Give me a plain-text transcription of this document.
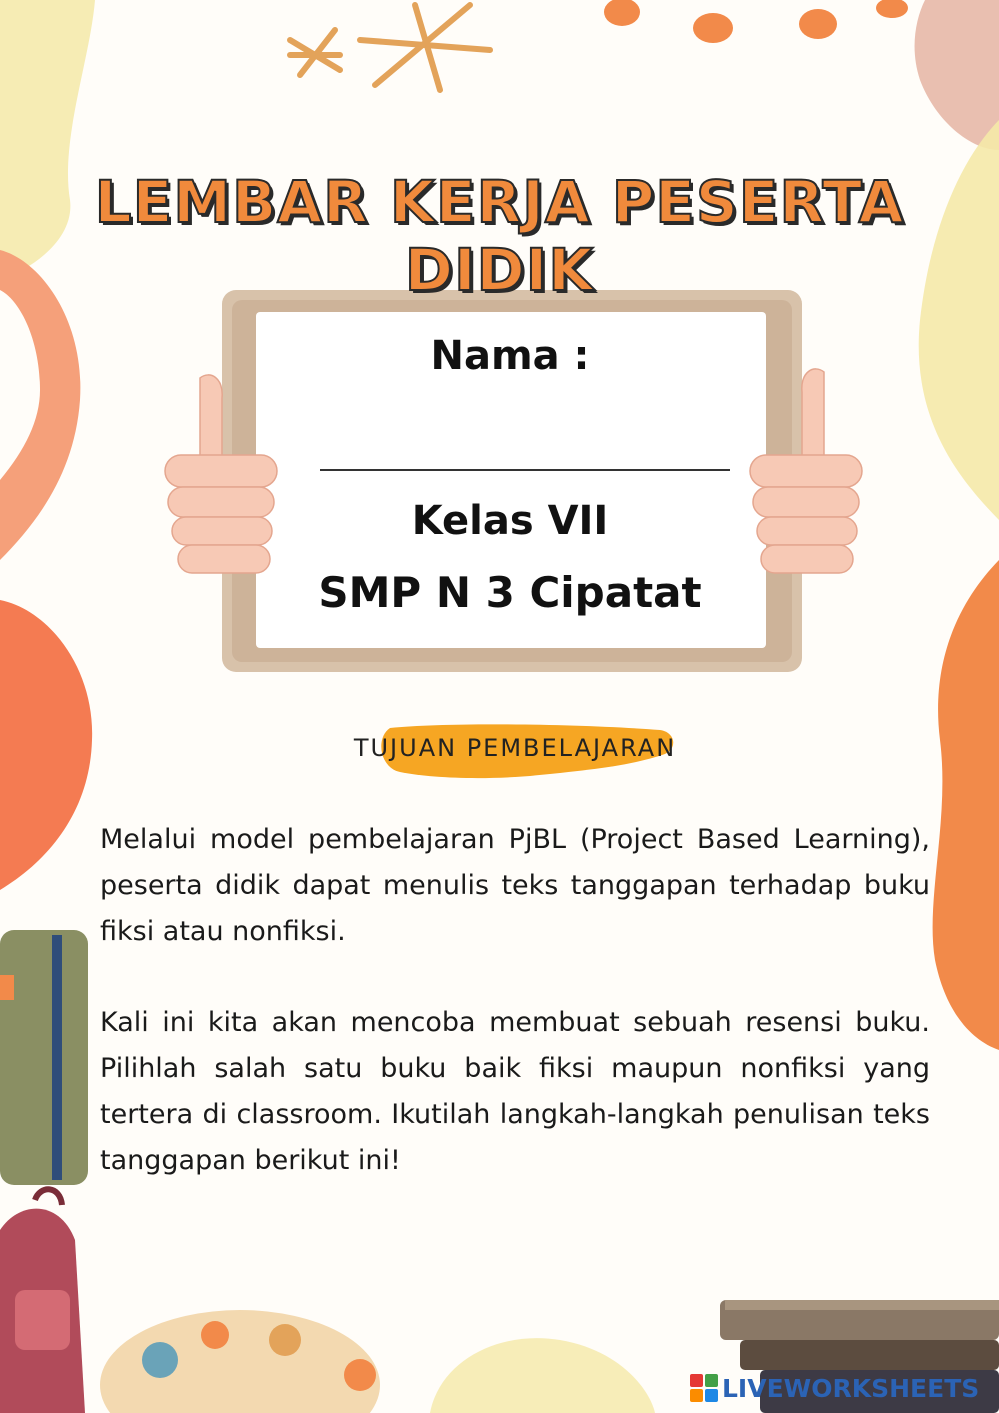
LEMBAR KERJA PESERTA DIDIK
Nama :
Kelas VII
SMP N 3 Cipatat
TUJUAN PEMBELAJARAN

Melalui model pembelajaran PjBL (Project Based Learning), peserta didik dapat menulis teks tanggapan terhadap buku fiksi atau nonfiksi.

Kali ini kita akan mencoba membuat sebuah resensi buku. Pilihlah salah satu buku baik fiksi maupun nonfiksi yang tertera di classroom. Ikutilah langkah-langkah penulisan teks tanggapan berikut ini!

LIVEWORKSHEETS
